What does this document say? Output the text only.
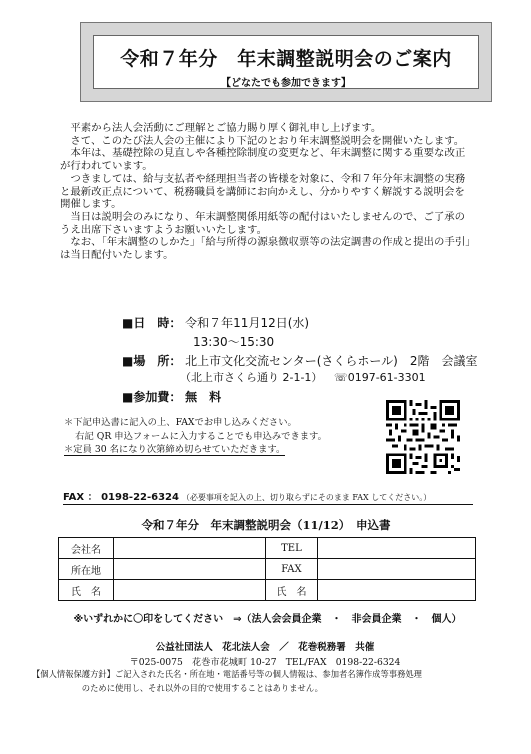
令和７年分　年末調整説明会のご案内
【どなたでも参加できます】

平素から法人会活動にご理解とご協力賜り厚く御礼申し上げます。

さて、このたび法人会の主催により下記のとおり年末調整説明会を開催いたします。

本年は、基礎控除の見直しや各種控除制度の変更など、年末調整に関する重要な改正が行われています。

つきましては、給与支払者や経理担当者の皆様を対象に、令和７年分年末調整の実務と最新改正点について、税務職員を講師にお向かえし、分かりやすく解説する説明会を開催します。

当日は説明会のみになり、年末調整関係用紙等の配付はいたしませんので、ご了承のうえ出席下さいますようお願いいたします。

なお、「年末調整のしかた」「給与所得の源泉徴収票等の法定調書の作成と提出の手引」は当日配付いたします。

■日　時： 令和７年11月12日(水)
13:30～15:30
■場　所： 北上市文化交流センター(さくらホール)　2階　会議室
（北上市さくら通り 2-1-1） ☏0197-61-3301
■参加費： 無　料
＊下記申込書に記入の上、FAXでお申し込みください。
右記 QR 申込フォームに入力することでも申込みできます。
＊定員 30 名になり次第締め切らせていただきます。
FAX ： 0198-22-6324 （必要事項を記入の上、切り取らずにそのまま FAX してください。）
令和７年分　年末調整説明会（11/12）　申込書
会社名		TEL	
所在地		FAX	
氏　名		氏　名	
※いずれかに〇印をしてください　⇒（法人会会員企業　・　非会員企業　・　個人）
公益社団法人　花北法人会　／　花巻税務署　共催
〒025-0075　花巻市花城町 10-27　TEL/FAX　0198-22-6324
【個人情報保護方針】ご記入された氏名・所在地・電話番号等の個人情報は、参加者名簿作成等事務処理
のために使用し、それ以外の目的で使用することはありません。
